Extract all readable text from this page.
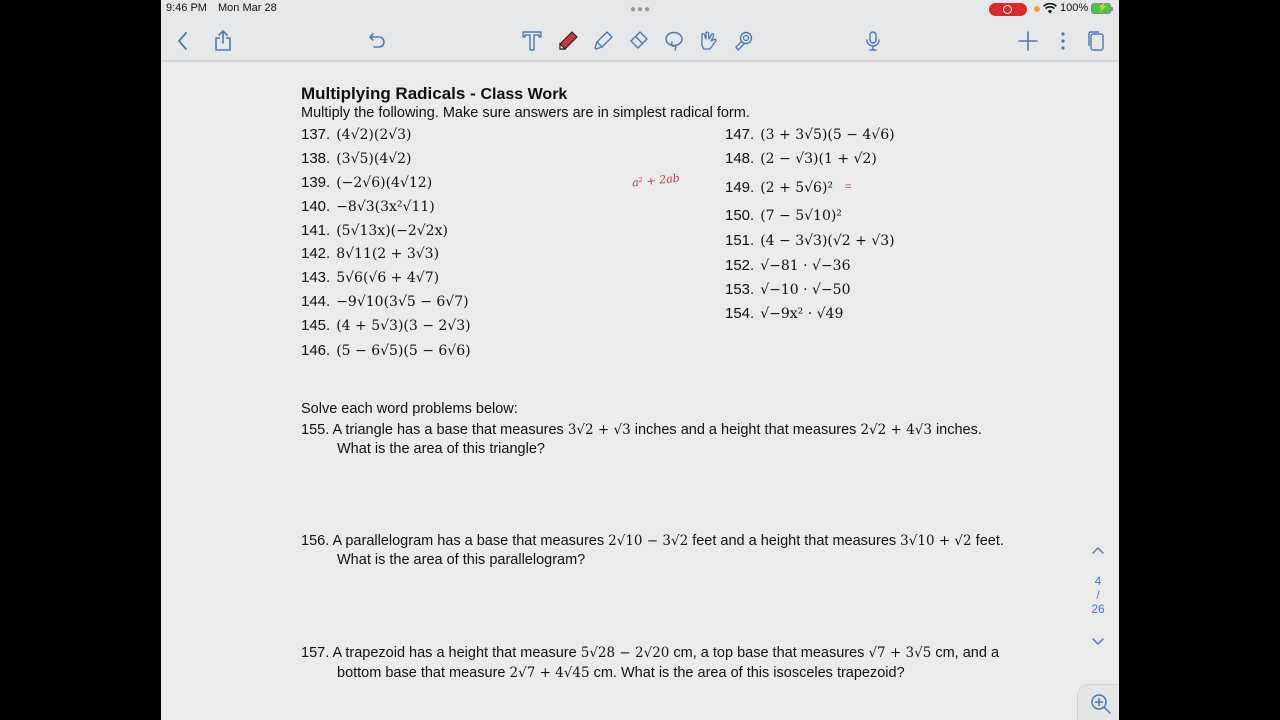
9:46 PM Mon Mar 28	●●●	100% ⚡
Multiplying Radicals - Class Work
Multiply the following. Make sure answers are in simplest radical form.
137. (4√2)(2√3)
138. (3√5)(4√2)
139. (−2√6)(4√12)
140. −8√3(3x²√11)
141. (5√13x)(−2√2x)
142. 8√11(2 + 3√3)
143. 5√6(√6 + 4√7)
144. −9√10(3√5 − 6√7)
145. (4 + 5√3)(3 − 2√3)
146. (5 − 6√5)(5 − 6√6)
147. (3 + 3√5)(5 − 4√6)
148. (2 − √3)(1 + √2)
149. (2 + 5√6)²
150. (7 − 5√10)²
151. (4 − 3√3)(√2 + √3)
152. √−81 · √−36
153. √−10 · √−50
154. √−9x² · √49
a² + 2ab	=
Solve each word problems below:
155. A triangle has a base that measures 3√2 + √3 inches and a height that measures 2√2 + 4√3 inches.
What is the area of this triangle?
156. A parallelogram has a base that measures 2√10 − 3√2 feet and a height that measures 3√10 + √2 feet.
What is the area of this parallelogram?
157. A trapezoid has a height that measure 5√28 − 2√20 cm, a top base that measures √7 + 3√5 cm, and a
bottom base that measure 2√7 + 4√45 cm. What is the area of this isosceles trapezoid?
4
/
26
